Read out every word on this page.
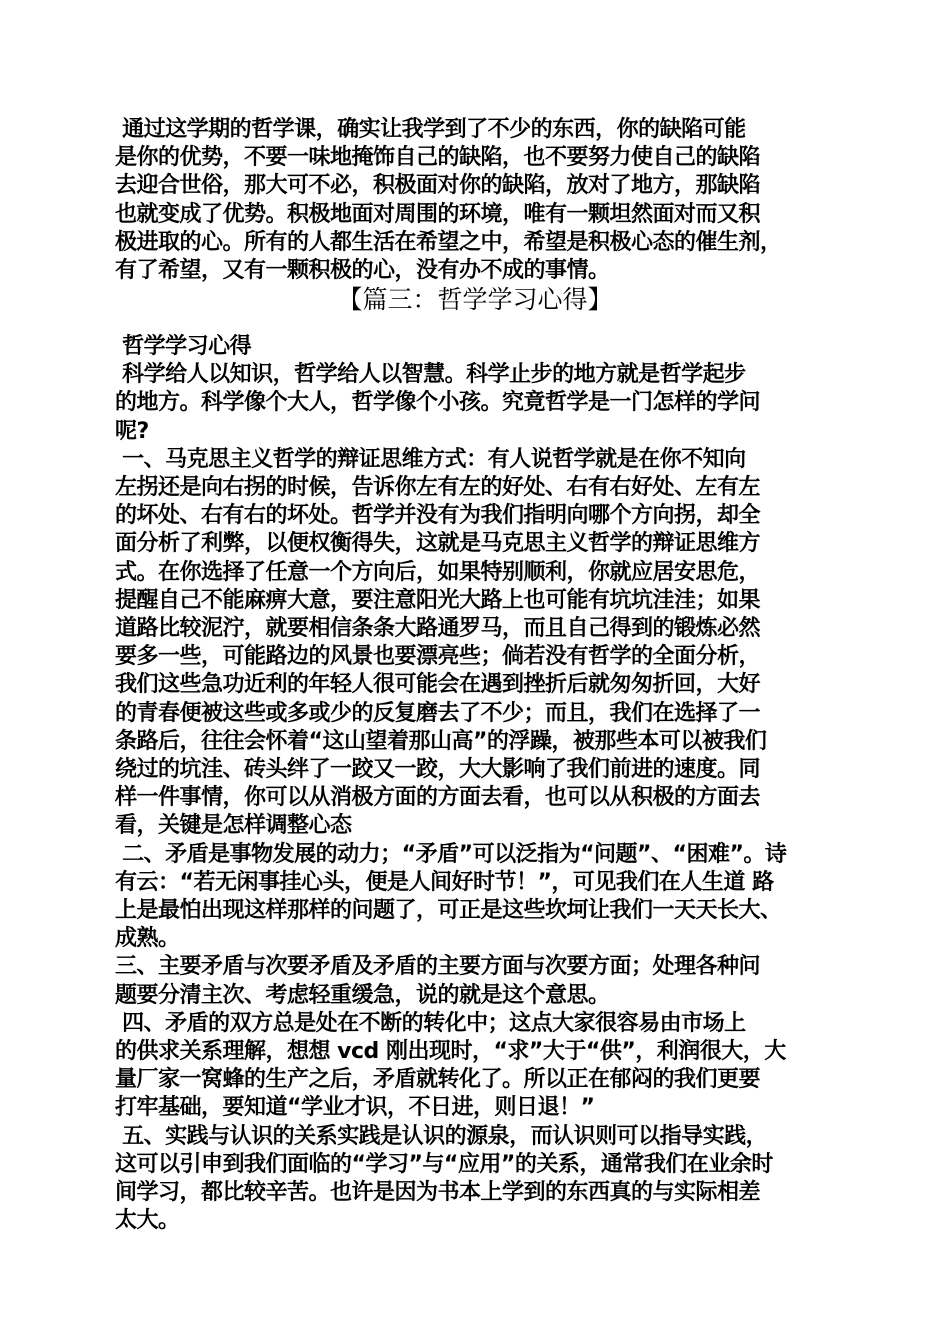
通过这学期的哲学课，确实让我学到了不少的东西，你的缺陷可能
是你的优势，不要一味地掩饰自己的缺陷，也不要努力使自己的缺陷
去迎合世俗，那大可不必，积极面对你的缺陷，放对了地方，那缺陷
也就变成了优势。积极地面对周围的环境，唯有一颗坦然面对而又积
极进取的心。所有的人都生活在希望之中，希望是积极心态的催生剂，
有了希望，又有一颗积极的心，没有办不成的事情。
【篇三：哲学学习心得】
哲学学习心得
科学给人以知识，哲学给人以智慧。科学止步的地方就是哲学起步
的地方。科学像个大人，哲学像个小孩。究竟哲学是一门怎样的学问
呢?
一、马克思主义哲学的辩证思维方式：有人说哲学就是在你不知向
左拐还是向右拐的时候，告诉你左有左的好处、右有右好处、左有左
的坏处、右有右的坏处。哲学并没有为我们指明向哪个方向拐，却全
面分析了利弊，以便权衡得失，这就是马克思主义哲学的辩证思维方
式。在你选择了任意一个方向后，如果特别顺利，你就应居安思危，
提醒自己不能麻痹大意，要注意阳光大路上也可能有坑坑洼洼；如果
道路比较泥泞，就要相信条条大路通罗马，而且自己得到的锻炼必然
要多一些，可能路边的风景也要漂亮些；倘若没有哲学的全面分析，
我们这些急功近利的年轻人很可能会在遇到挫折后就匆匆折回，大好
的青春便被这些或多或少的反复磨去了不少；而且，我们在选择了一
条路后，往往会怀着“这山望着那山高”的浮躁，被那些本可以被我们
绕过的坑洼、砖头绊了一跤又一跤，大大影响了我们前进的速度。同
样一件事情，你可以从消极方面的方面去看，也可以从积极的方面去
看，关键是怎样调整心态
二、矛盾是事物发展的动力；“矛盾”可以泛指为“问题”、“困难”。诗
有云：“若无闲事挂心头，便是人间好时节！”，可见我们在人生道 路
上是最怕出现这样那样的问题了，可正是这些坎坷让我们一天天长大、
成熟。
三、主要矛盾与次要矛盾及矛盾的主要方面与次要方面；处理各种问
题要分清主次、考虑轻重缓急，说的就是这个意思。
四、矛盾的双方总是处在不断的转化中；这点大家很容易由市场上
的供求关系理解，想想 vcd 刚出现时，“求”大于“供”，利润很大，大
量厂家一窝蜂的生产之后，矛盾就转化了。所以正在郁闷的我们更要
打牢基础，要知道“学业才识，不日进，则日退！”
五、实践与认识的关系实践是认识的源泉，而认识则可以指导实践，
这可以引申到我们面临的“学习”与“应用”的关系，通常我们在业余时
间学习，都比较辛苦。也许是因为书本上学到的东西真的与实际相差
太大。
